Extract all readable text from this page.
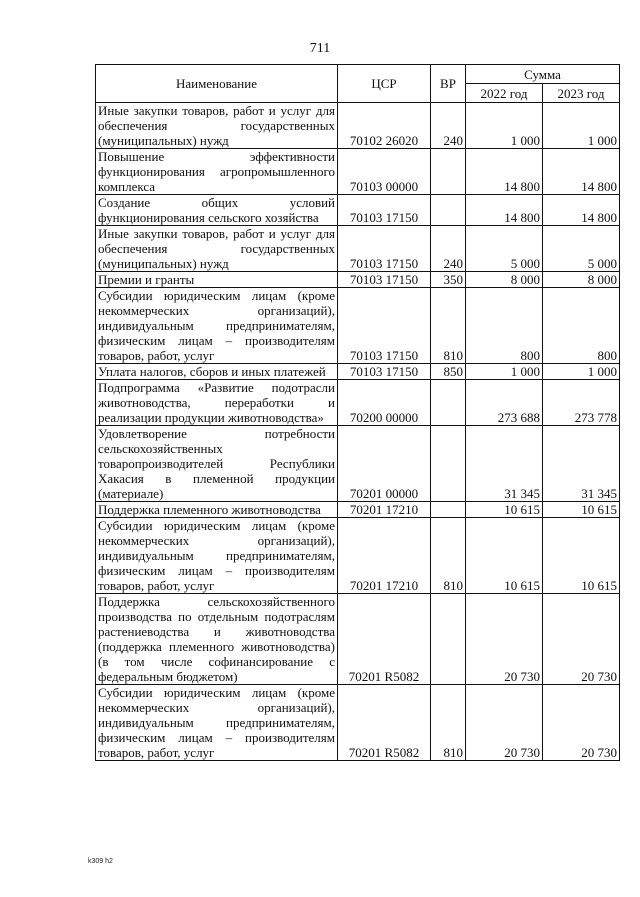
711
Наименование	ЦСР	ВР	Сумма	
			2022 год	2023 год
Иные закупки товаров, работ и услуг для обеспечения государственных (муниципальных) нужд	70102 26020	240	1 000	1 000
Повышение эффективности функционирования агропромышленного комплекса	70103 00000		14 800	14 800
Создание общих условий функционирования сельского хозяйства	70103 17150		14 800	14 800
Иные закупки товаров, работ и услуг для обеспечения государственных (муниципальных) нужд	70103 17150	240	5 000	5 000
Премии и гранты	70103 17150	350	8 000	8 000
Субсидии юридическим лицам (кроме некоммерческих организаций), индивидуальным предпринимателям, физическим лицам – производителям товаров, работ, услуг	70103 17150	810	800	800
Уплата налогов, сборов и иных платежей	70103 17150	850	1 000	1 000
Подпрограмма «Развитие подотрасли животноводства, переработки и реализации продукции животноводства»	70200 00000		273 688	273 778
Удовлетворение потребности сельскохозяйственных товаропроизводителей Республики Хакасия в племенной продукции (материале)	70201 00000		31 345	31 345
Поддержка племенного животноводства	70201 17210		10 615	10 615
Субсидии юридическим лицам (кроме некоммерческих организаций), индивидуальным предпринимателям, физическим лицам – производителям товаров, работ, услуг	70201 17210	810	10 615	10 615
Поддержка сельскохозяйственного производства по отдельным подотраслям растениеводства и животноводства (поддержка племенного животноводства) (в том числе софинансирование с федеральным бюджетом)	70201 R5082		20 730	20 730
Субсидии юридическим лицам (кроме некоммерческих организаций), индивидуальным предпринимателям, физическим лицам – производителям товаров, работ, услуг	70201 R5082	810	20 730	20 730
k309 h2
